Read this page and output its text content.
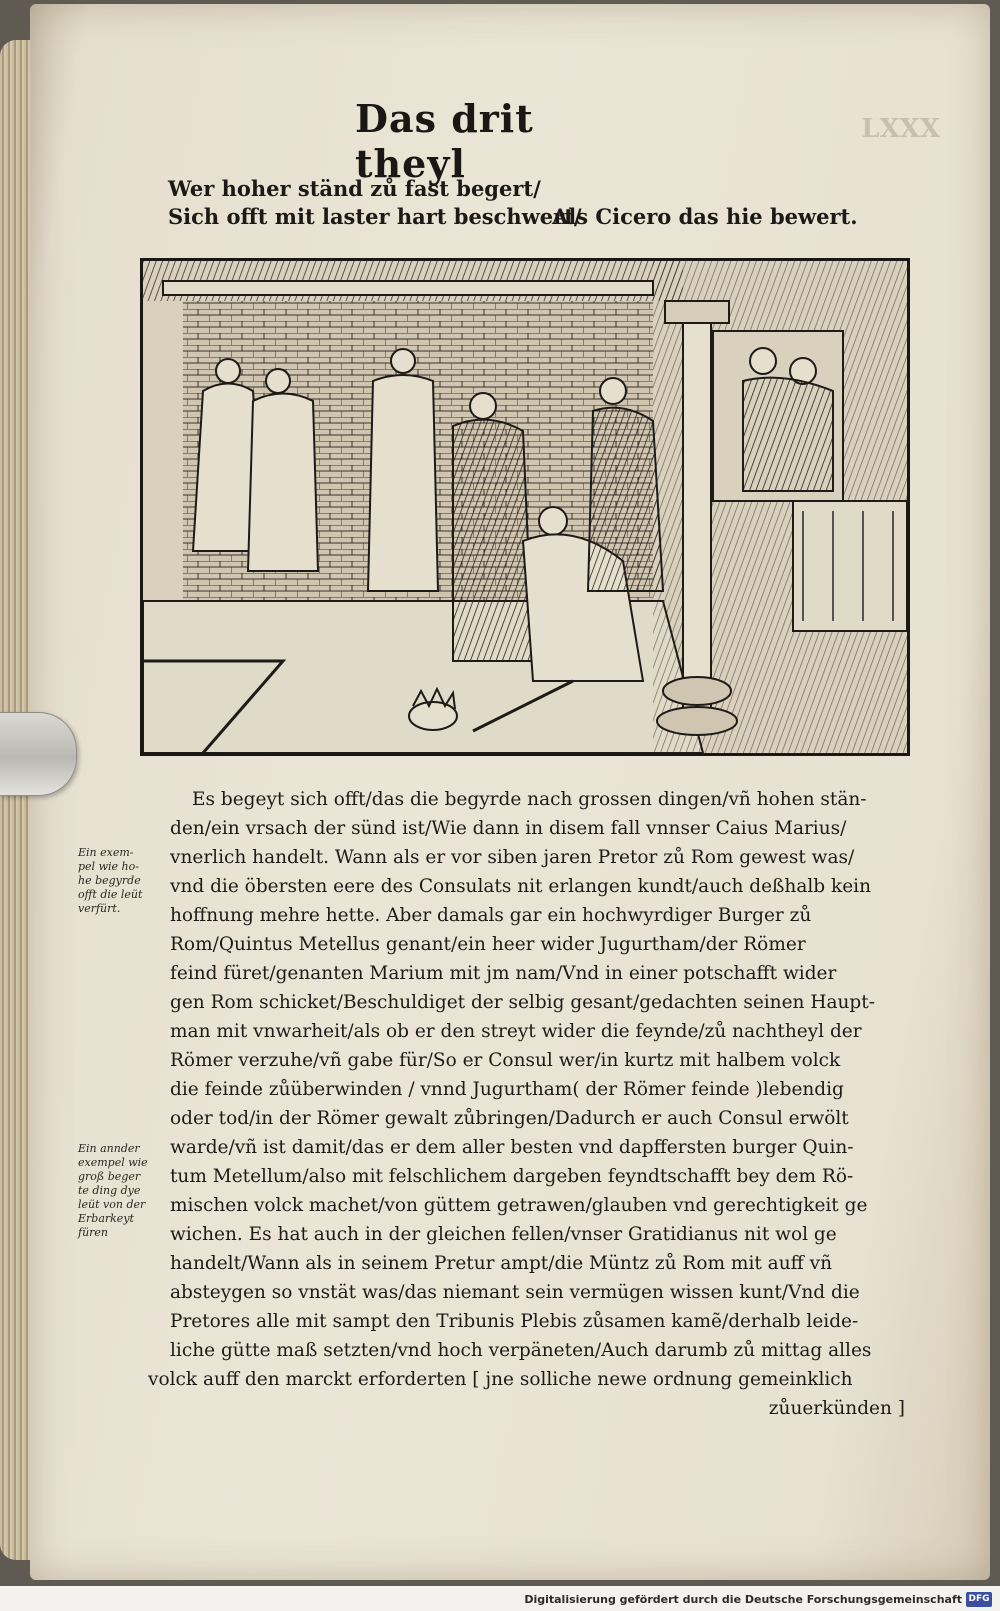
LXXX
Das drit theyl
Wer hoher ständ zů fast begert/
Sich offt mit laster hart beschwert/
Als Cicero das hie bewert.
Ein exem-
pel wie ho-
he begyrde
offt die leüt
verfürt.
Ein annder
exempel wie
groß beger
te ding dye
leüt von der
Erbarkeyt
füren
Es begeyt sich offt/das die begyrde nach grossen dingen/vñ hohen stän-
den/ein vrsach der sünd ist/Wie dann in disem fall vnnser Caius Marius/
vnerlich handelt. Wann als er vor siben jaren Pretor zů Rom gewest was/
vnd die öbersten eere des Consulats nit erlangen kundt/auch deßhalb kein
hoffnung mehre hette. Aber damals gar ein hochwyrdiger Burger zů
Rom/Quintus Metellus genant/ein heer wider Jugurtham/der Römer
feind füret/genanten Marium mit jm nam/Vnd in einer potschafft wider
gen Rom schicket/Beschuldiget der selbig gesant/gedachten seinen Haupt-
man mit vnwarheit/als ob er den streyt wider die feynde/zů nachtheyl der
Römer verzuhe/vñ gabe für/So er Consul wer/in kurtz mit halbem volck
die feinde zůüberwinden / vnnd Jugurtham( der Römer feinde )lebendig
oder tod/in der Römer gewalt zůbringen/Dadurch er auch Consul erwölt
warde/vñ ist damit/das er dem aller besten vnd dapffersten burger Quin-
tum Metellum/also mit felschlichem dargeben feyndtschafft bey dem Rö-
mischen volck machet/von güttem getrawen/glauben vnd gerechtigkeit ge
wichen. Es hat auch in der gleichen fellen/vnser Gratidianus nit wol ge
handelt/Wann als in seinem Pretur ampt/die Müntz zů Rom mit auff vñ
absteygen so vnstät was/das niemant sein vermügen wissen kunt/Vnd die
Pretores alle mit sampt den Tribunis Plebis zůsamen kamẽ/derhalb leide-
liche gütte maß setzten/vnd hoch verpäneten/Auch darumb zů mittag alles
volck auff den marckt erforderten [ jne solliche newe ordnung gemeinklich
zůuerkünden ]
Digitalisierung gefördert durch die Deutsche Forschungsgemeinschaft DFG
